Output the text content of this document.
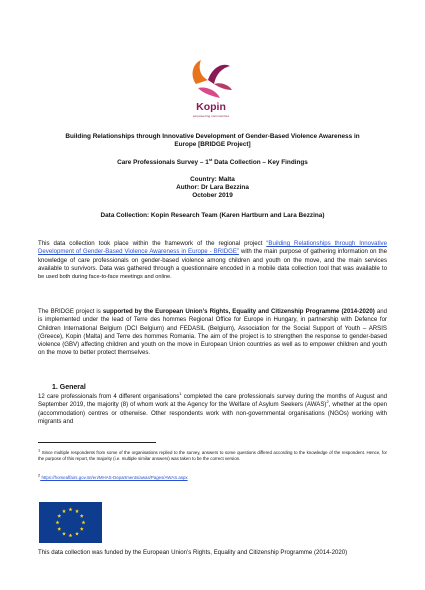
Kopin
empowering communities
Building Relationships through Innovative Development of Gender-Based Violence Awareness in Europe [BRIDGE Project]
Care Professionals Survey – 1st Data Collection – Key Findings
Country: Malta
Author: Dr Lara Bezzina
October 2019
Data Collection: Kopin Research Team (Karen Hartburn and Lara Bezzina)
This data collection took place within the framework of the regional project “Building Relationships through Innovative Development of Gender-Based Violence Awareness in Europe - BRIDGE” with the main purpose of gathering information on the knowledge of care professionals on gender-based violence among children and youth on the move, and the main services available to survivors. Data was gathered through a questionnaire encoded in a mobile data collection tool that was available to be used both during face-to-face meetings and online.
The BRIDGE project is supported by the European Union’s Rights, Equality and Citizenship Programme (2014-2020) and is implemented under the lead of Terre des hommes Regional Office for Europe in Hungary, in partnership with Defence for Children International Belgium (DCI Belgium) and FEDASIL (Belgium), Association for the Social Support of Youth – ARSIS (Greece), Kopin (Malta) and Terre des hommes Romania. The aim of the project is to strengthen the response to gender-based violence (GBV) affecting children and youth on the move in European Union countries as well as to empower children and youth on the move to better protect themselves.
1. General
12 care professionals from 4 different organisations$^1$ completed the care professionals survey during the months of August and September 2019, the majority (8) of whom work at the Agency for the Welfare of Asylum Seekers (AWAS)$^2$, whether at the open (accommodation) centres or otherwise. Other respondents work with non-governmental organisations (NGOs) working with migrants and
$^1$ Since multiple respondents from some of the organisations replied to the survey, answers to some questions differed according to the knowledge of the respondent. Hence, for the purpose of this report, the majority (i.e. multiple similar answers) was taken to be the correct version.
$^2$ https://homeaffairs.gov.mt/en/MHAS-Departments/awas/Pages/AWAS.aspx
This data collection was funded by the European Union’s Rights, Equality and Citizenship Programme (2014-2020)
